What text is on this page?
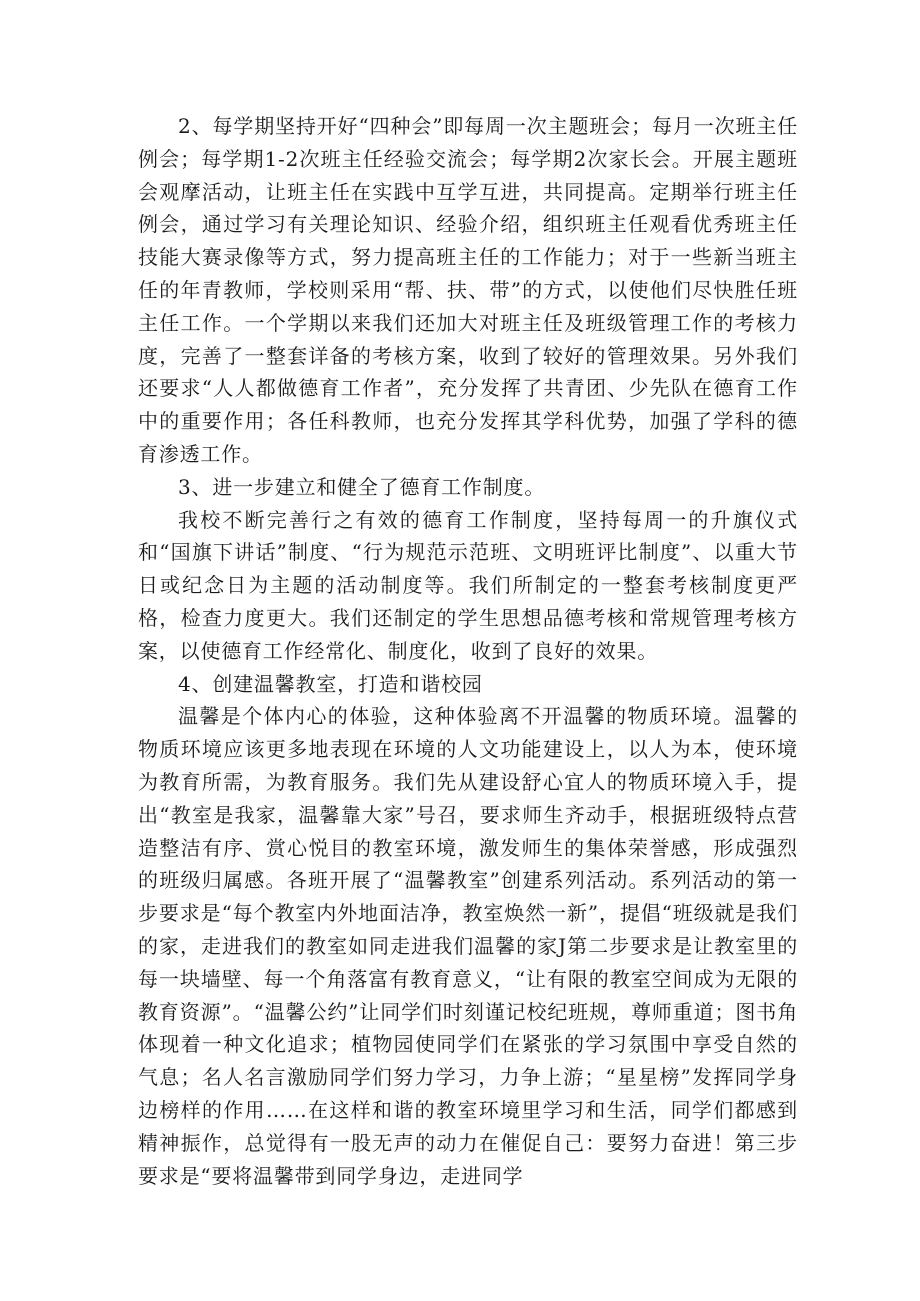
2、每学期坚持开好“四种会”即每周一次主题班会；每月一次班主任例会；每学期1-2次班主任经验交流会；每学期2次家长会。开展主题班会观摩活动，让班主任在实践中互学互进，共同提高。定期举行班主任例会，通过学习有关理论知识、经验介绍，组织班主任观看优秀班主任技能大赛录像等方式，努力提高班主任的工作能力；对于一些新当班主任的年青教师，学校则采用“帮、扶、带”的方式，以使他们尽快胜任班主任工作。一个学期以来我们还加大对班主任及班级管理工作的考核力度，完善了一整套详备的考核方案，收到了较好的管理效果。另外我们还要求“人人都做德育工作者”，充分发挥了共青团、少先队在德育工作中的重要作用；各任科教师，也充分发挥其学科优势，加强了学科的德育渗透工作。

3、进一步建立和健全了德育工作制度。

我校不断完善行之有效的德育工作制度，坚持每周一的升旗仪式和“国旗下讲话”制度、“行为规范示范班、文明班评比制度”、以重大节日或纪念日为主题的活动制度等。我们所制定的一整套考核制度更严格，检查力度更大。我们还制定的学生思想品德考核和常规管理考核方案，以使德育工作经常化、制度化，收到了良好的效果。

4、创建温馨教室，打造和谐校园

温馨是个体内心的体验，这种体验离不开温馨的物质环境。温馨的物质环境应该更多地表现在环境的人文功能建设上，以人为本，使环境为教育所需，为教育服务。我们先从建设舒心宜人的物质环境入手，提出“教室是我家，温馨靠大家”号召，要求师生齐动手，根据班级特点营造整洁有序、赏心悦目的教室环境，激发师生的集体荣誉感，形成强烈的班级归属感。各班开展了“温馨教室”创建系列活动。系列活动的第一步要求是“每个教室内外地面洁净，教室焕然一新”，提倡“班级就是我们的家，走进我们的教室如同走进我们温馨的家J第二步要求是让教室里的每一块墙壁、每一个角落富有教育意义，“让有限的教室空间成为无限的教育资源”。“温馨公约”让同学们时刻谨记校纪班规，尊师重道；图书角体现着一种文化追求；植物园使同学们在紧张的学习氛围中享受自然的气息；名人名言激励同学们努力学习，力争上游；“星星榜”发挥同学身边榜样的作用……在这样和谐的教室环境里学习和生活，同学们都感到精神振作，总觉得有一股无声的动力在催促自己：要努力奋进！第三步要求是“要将温馨带到同学身边，走进同学
